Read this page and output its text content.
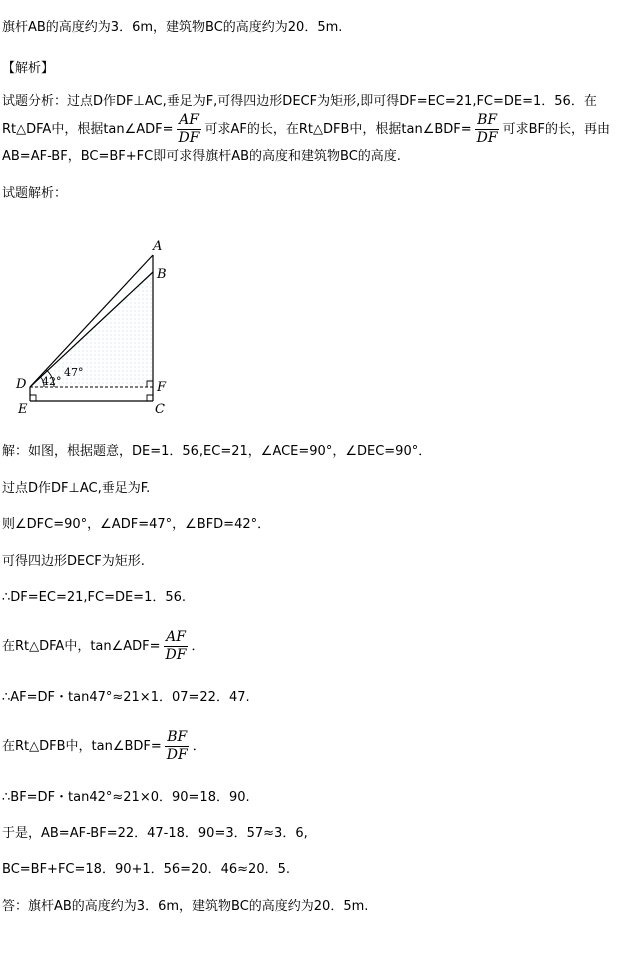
旗杆AB的高度约为3．6m，建筑物BC的高度约为20．5m.
【解析】
试题分析：过点D作DF⊥AC,垂足为F,可得四边形DECF为矩形,即可得DF=EC=21,FC=DE=1．56．在
Rt△DFA中，根据tan∠ADF= $\frac{AF}{DF}$ 可求AF的长，在Rt△DFB中，根据tan∠BDF= $\frac{BF}{DF}$ 可求BF的长，再由
AB=AF-BF，BC=BF+FC即可求得旗杆AB的高度和建筑物BC的高度.
试题解析：
A
B
D
E
F
C
42°
47°
解：如图，根据题意，DE=1．56,EC=21，∠ACE=90°，∠DEC=90°．
过点D作DF⊥AC,垂足为F.
则∠DFC=90°，∠ADF=47°，∠BFD=42°．
可得四边形DECF为矩形.
∴DF=EC=21,FC=DE=1．56.
在Rt△DFA中，tan∠ADF= $\frac{AF}{DF}$ ．
∴AF=DF・tan47°≈21×1．07=22．47.
在Rt△DFB中，tan∠BDF= $\frac{BF}{DF}$ ．
∴BF=DF・tan42°≈21×0．90=18．90.
于是，AB=AF-BF=22．47-18．90=3．57≈3．6,
BC=BF+FC=18．90+1．56=20．46≈20．5.
答：旗杆AB的高度约为3．6m，建筑物BC的高度约为20．5m.
